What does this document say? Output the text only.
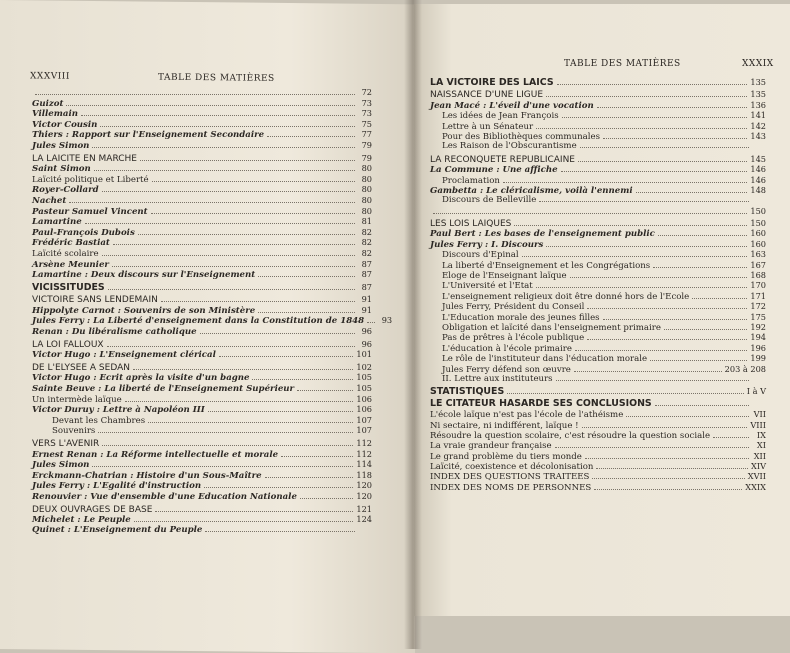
XXXVIII	TABLE DES MATIÈRES
TABLE DES MATIÈRES	XXXIX
72
Guizot	73
Villemain	73
Victor Cousin	75
Thiers : Rapport sur l'Enseignement Secondaire	77
Jules Simon	79
LA LAICITE EN MARCHE	79
Saint Simon	80
Laïcité politique et Liberté	80
Royer-Collard	80
Nachet	80
Pasteur Samuel Vincent	80
Lamartine	81
Paul-François Dubois	82
Frédéric Bastiat	82
Laïcité scolaire	82
Arsène Meunier	87
Lamartine : Deux discours sur l'Enseignement	87
VICISSITUDES	87
VICTOIRE SANS LENDEMAIN	91
Hippolyte Carnot : Souvenirs de son Ministère	91
Jules Ferry : La Liberté d'enseignement dans la Constitution de 1848	93
Renan : Du libéralisme catholique	96
LA LOI FALLOUX	96
Victor Hugo : L'Enseignement clérical	101
DE L'ELYSEE A SEDAN	102
Victor Hugo : Ecrit après la visite d'un bagne	105
Sainte Beuve : La liberté de l'Enseignement Supérieur	105
Un intermède laïque	106
Victor Duruy : Lettre à Napoléon III	106
Devant les Chambres	107
Souvenirs	107
VERS L'AVENIR	112
Ernest Renan : La Réforme intellectuelle et morale	112
Jules Simon	114
Erckmann-Chatrian : Histoire d'un Sous-Maître	118
Jules Ferry : L'Egalité d'instruction	120
Renouvier : Vue d'ensemble d'une Education Nationale	120
DEUX OUVRAGES DE BASE	121
Michelet : Le Peuple	124
Quinet : L'Enseignement du Peuple
LA VICTOIRE DES LAICS	135
NAISSANCE D'UNE LIGUE	135
Jean Macé : L'éveil d'une vocation	136
Les idées de Jean François	141
Lettre à un Sénateur	142
Pour des Bibliothèques communales	143
Les Raison de l'Obscurantisme
LA RECONQUETE REPUBLICAINE	145
La Commune : Une affiche	146
Proclamation	146
Gambetta : Le cléricalisme, voilà l'ennemi	148
Discours de Belleville
150
LES LOIS LAIQUES	150
Paul Bert : Les bases de l'enseignement public	160
Jules Ferry : I. Discours	160
Discours d'Epinal	163
La liberté d'Enseignement et les Congrégations	167
Eloge de l'Enseignant laïque	168
L'Université et l'Etat	170
L'enseignement religieux doit être donné hors de l'Ecole	171
Jules Ferry, Président du Conseil	172
L'Education morale des jeunes filles	175
Obligation et laïcité dans l'enseignement primaire	192
Pas de prêtres à l'école publique	194
L'éducation à l'école primaire	196
Le rôle de l'instituteur dans l'éducation morale	199
Jules Ferry défend son œuvre	203 à 208
II. Lettre aux instituteurs
STATISTIQUES	I à V
LE CITATEUR HASARDE SES CONCLUSIONS
L'école laïque n'est pas l'école de l'athéisme	VII
Ni sectaire, ni indifférent, laïque !	VIII
Résoudre la question scolaire, c'est résoudre la question sociale	IX
La vraie grandeur française	XI
Le grand problème du tiers monde	XII
Laïcité, coexistence et décolonisation	XIV
INDEX DES QUESTIONS TRAITEES	XVII
INDEX DES NOMS DE PERSONNES	XXIX
